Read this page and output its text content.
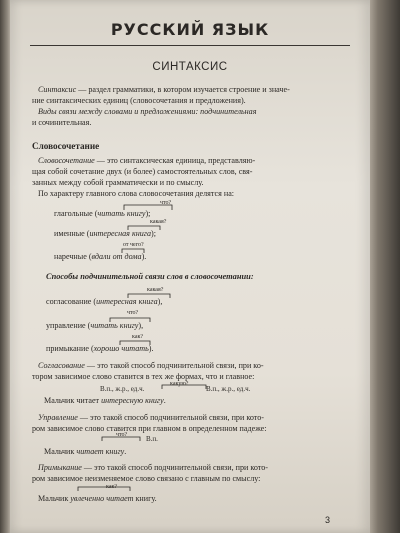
РУССКИЙ ЯЗЫК
СИНТАКСИС
Синтаксис — раздел грамматики, в котором изучается строение и значе-
ние синтаксических единиц (словосочетания и предложения).
Виды связи между словами и предложениями: подчинительная
и сочинительная.
Словосочетание
Словосочетание — это синтаксическая единица, представляю-
щая собой сочетание двух (и более) самостоятельных слов, свя-
занных между собой грамматически и по смыслу.
По характеру главного слова словосочетания делятся на:
что?
глагольные (читать книгу);
какая?
именные (интересная книга);
от чего?
наречные (вдали от дома).
Способы подчинительной связи слов в словосочетании:
какая?
согласование (интересная книга),
что?
управление (читать книгу),
как?
примыкание (хорошо читать).
Согласование — это такой способ подчинительной связи, при ко-
тором зависимое слово ставится в тех же формах, что и главное:
В.п., ж.р., ед.ч.
какую?
В.п., ж.р., ед.ч.
Мальчик читает интересную книгу.
Управление — это такой способ подчинительной связи, при кото-
ром зависимое слово ставится при главном в определенном падеже:
что?	В.п.
Мальчик читает книгу.
Примыкание — это такой способ подчинительной связи, при кото-
ром зависимое неизменяемое слово связано с главным по смыслу:
как?
Мальчик увлеченно читает книгу.
3
